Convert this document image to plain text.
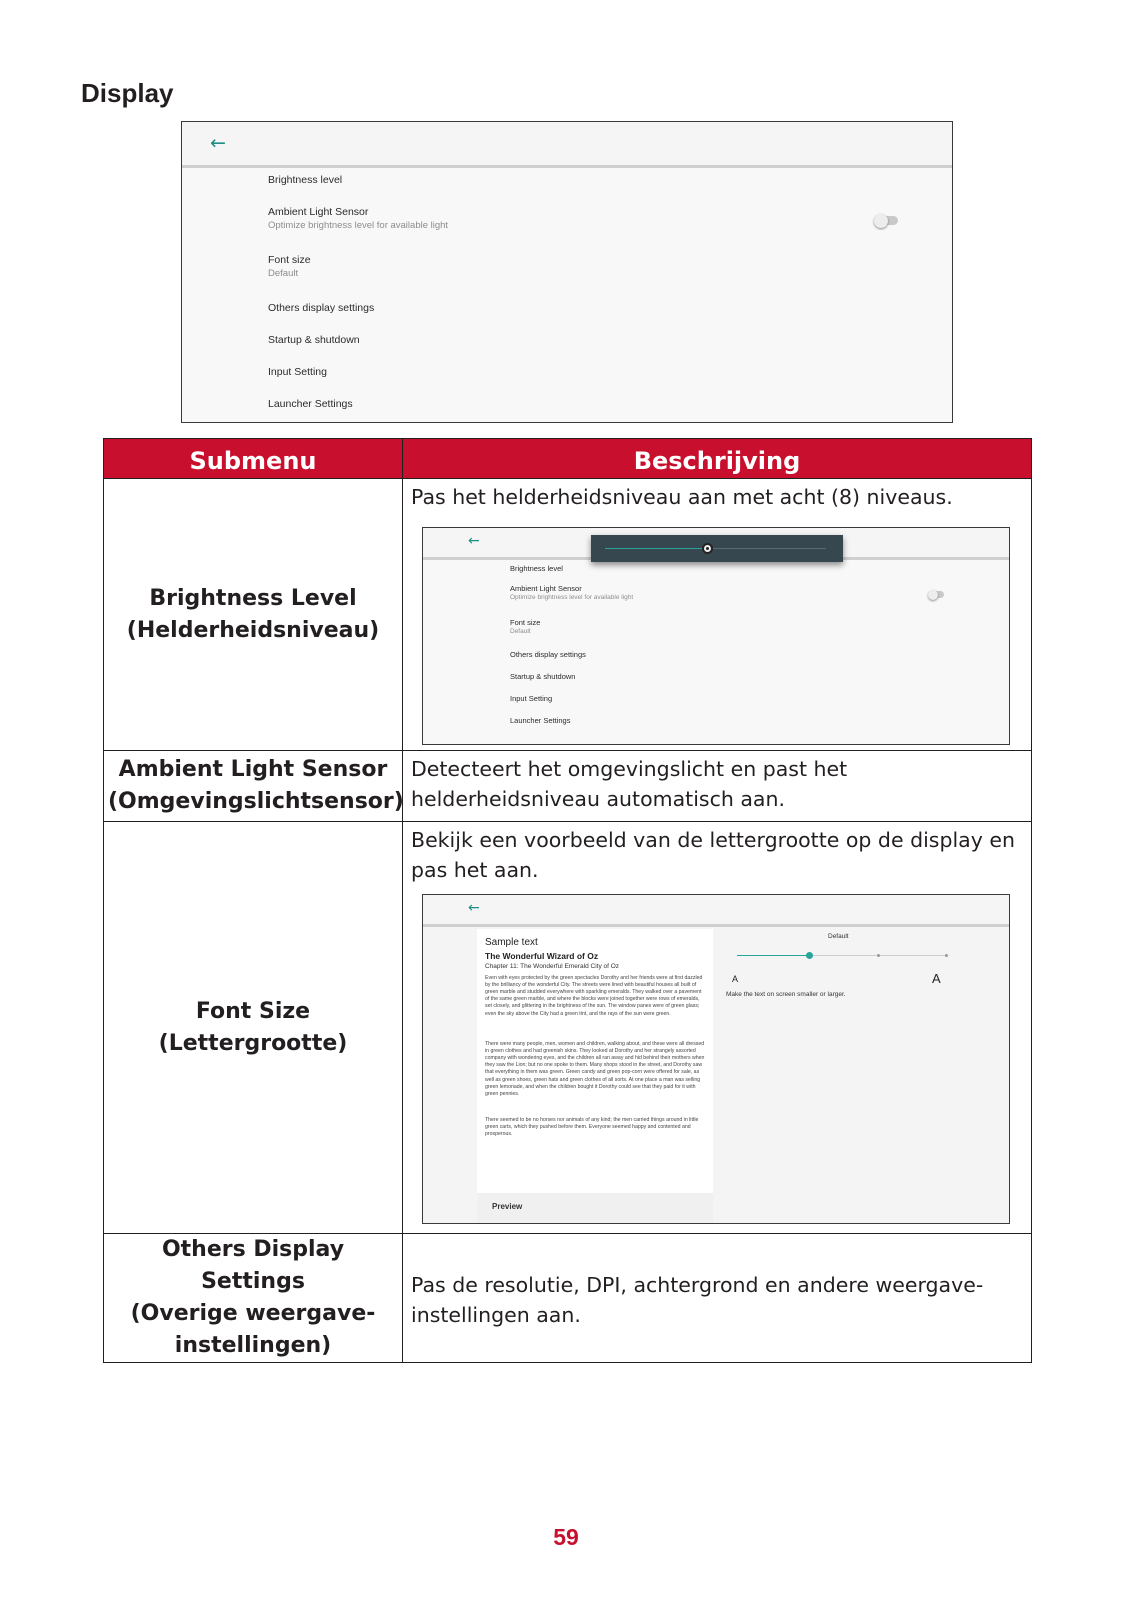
Display
←
Brightness level
Ambient Light Sensor
Optimize brightness level for available light
Font size
Default
Others display settings
Startup & shutdown
Input Setting
Launcher Settings
Submenu	Beschrijving

Brightness Level
(Helderheidsniveau)	Pas het helderheidsniveau aan met acht (8) niveaus.

Ambient Light Sensor
(Omgevingslichtsensor)	Detecteert het omgevingslicht en past het helderheidsniveau automatisch aan.

Font Size (Lettergrootte)	Bekijk een voorbeeld van de lettergrootte op de display en pas het aan.

Others Display Settings
(Overige weergave-
instellingen)	Pas de resolutie, DPI, achtergrond en andere weergave-instellingen aan.
←
Brightness level
Ambient Light Sensor
Optimize brightness level for available light
Font size
Default
Others display settings
Startup & shutdown
Input Setting
Launcher Settings
←
Sample text
The Wonderful Wizard of Oz
Chapter 11: The Wonderful Emerald City of Oz
Even with eyes protected by the green spectacles Dorothy and her friends were at first dazzled by the brilliancy of the wonderful City. The streets were lined with beautiful houses all built of green marble and studded everywhere with sparkling emeralds. They walked over a pavement of the same green marble, and where the blocks were joined together were rows of emeralds, set closely, and glittering in the brightness of the sun. The window panes were of green glass; even the sky above the City had a green tint, and the rays of the sun were green.
There were many people, men, women and children, walking about, and these were all dressed in green clothes and had greenish skins. They looked at Dorothy and her strangely assorted company with wondering eyes, and the children all ran away and hid behind their mothers when they saw the Lion; but no one spoke to them. Many shops stood in the street, and Dorothy saw that everything in them was green. Green candy and green pop-corn were offered for sale, as well as green shoes, green hats and green clothes of all sorts. At one place a man was selling green lemonade, and when the children bought it Dorothy could see that they paid for it with green pennies.
There seemed to be no horses nor animals of any kind; the men carried things around in little green carts, which they pushed before them. Everyone seemed happy and contented and prosperous.
Preview
Default
A	A
Make the text on screen smaller or larger.
59
